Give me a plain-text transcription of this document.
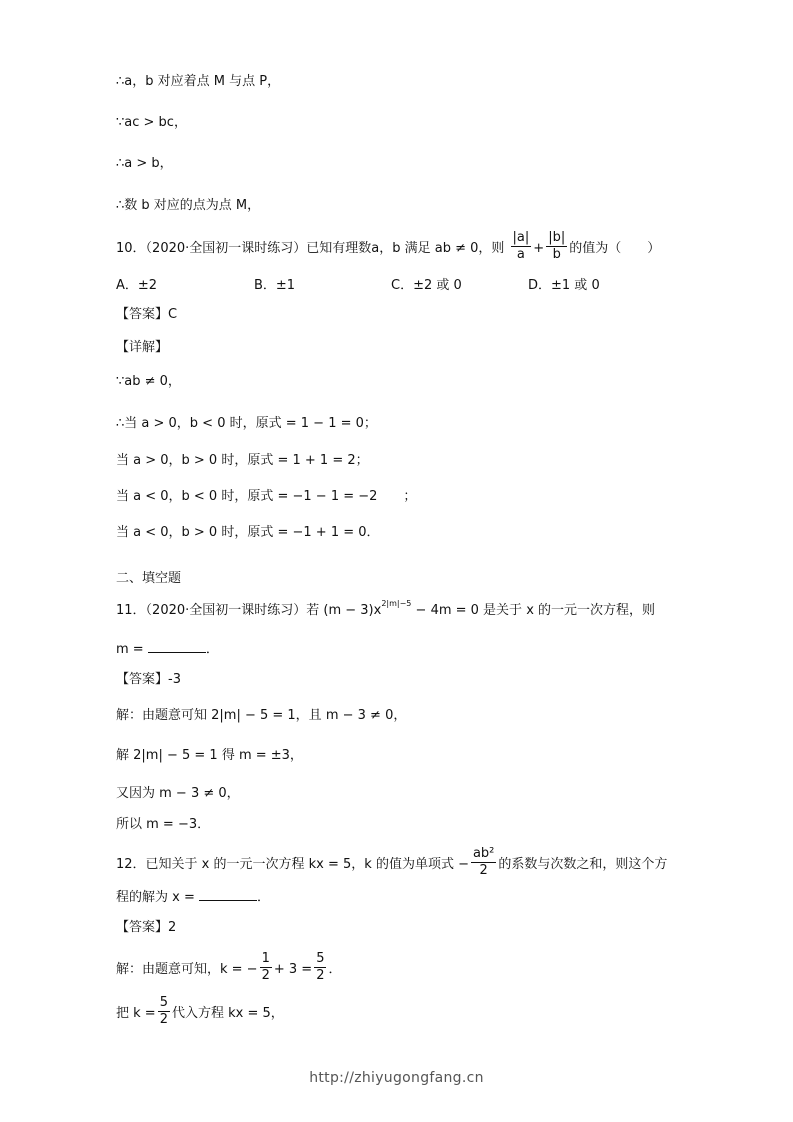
∴a，b 对应着点 M 与点 P，
∵ac > bc，
∴a > b，
∴数 b 对应的点为点 M，
10．（2020·全国初一课时练习）已知有理数a，b 满足 ab ≠ 0，则 $\frac{|a|}{a} + \frac{|b|}{b}$ 的值为（　　）
A．±2	B．±1	C．±2 或 0	D．±1 或 0
【答案】C
【详解】
∵ab ≠ 0，
∴当 a > 0，b < 0 时，原式 = 1 − 1 = 0；
当 a > 0，b > 0 时，原式 = 1 + 1 = 2；
当 a < 0，b < 0 时，原式 = −1 − 1 = −2　　；
当 a < 0，b > 0 时，原式 = −1 + 1 = 0．
二、填空题
11．（2020·全国初一课时练习）若 $(m - 3)x^{2|m|-5} - 4m = 0$ 是关于 x 的一元一次方程，则
m =	．
【答案】-3
解：由题意可知 2|m| − 5 = 1，且 m − 3 ≠ 0，
解 2|m| − 5 = 1 得 m = ±3，
又因为 m − 3 ≠ 0，
所以 m = −3．
12．已知关于 x 的一元一次方程 kx = 5，k 的值为单项式 − $\frac{\text{ab²}}{2}$ 的系数与次数之和，则这个方
程的解为 x =	．
【答案】2
解：由题意可知，k = − $\frac{1}{2} + 3 = \frac{5}{2}$ ．
把 $k = \frac{5}{2}$ 代入方程 kx = 5，
http://zhiyugongfang.cn
